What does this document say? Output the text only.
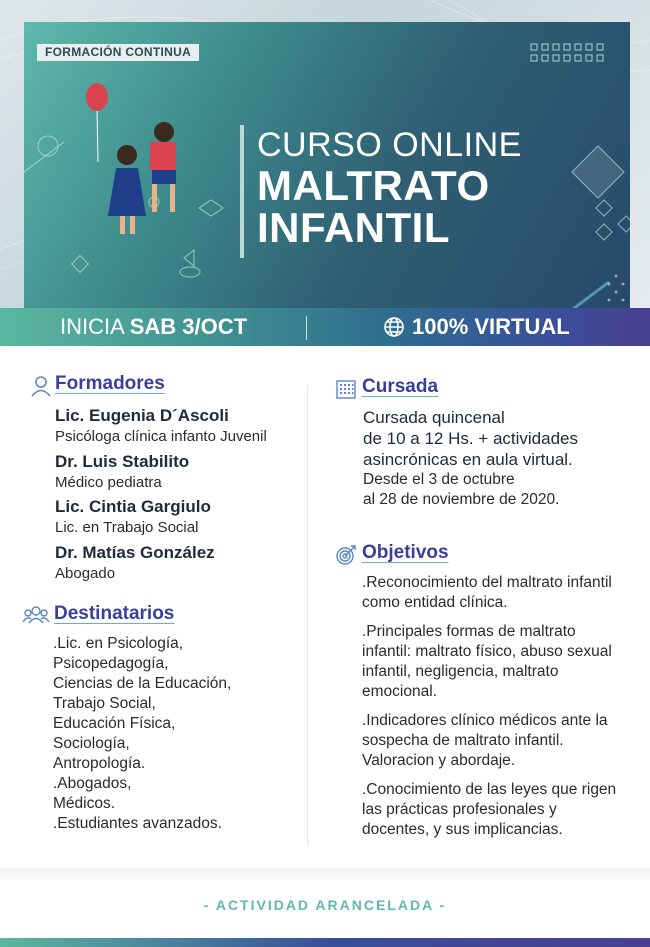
FORMACIÓN CONTINUA
CURSO ONLINE
MALTRATO
INFANTIL
INICIA SAB 3/OCT	100% VIRTUAL
Formadores
Lic. Eugenia D´Ascoli
Psicóloga clínica infanto Juvenil
Dr. Luis Stabilito
Médico pediatra
Lic. Cintia Gargiulo
Lic. en Trabajo Social
Dr. Matías González
Abogado
Destinatarios
.Lic. en Psicología,
Psicopedagogía,
Ciencias de la Educación,
Trabajo Social,
Educación Física,
Sociología,
Antropología.
.Abogados,
Médicos.
.Estudiantes avanzados.
Cursada
Cursada quincenal
de 10 a 12 Hs. + actividades
asincrónicas en aula virtual.
Desde el 3 de octubre
al 28 de noviembre de 2020.
Objetivos

.Reconocimiento del maltrato infantil como entidad clínica.

.Principales formas de maltrato infantil: maltrato físico, abuso sexual infantil, negligencia, maltrato emocional.

.Indicadores clínico médicos ante la sospecha de maltrato infantil. Valoracion y abordaje.

.Conocimiento de las leyes que rigen las prácticas profesionales y docentes, y sus implicancias.

- ACTIVIDAD ARANCELADA -
